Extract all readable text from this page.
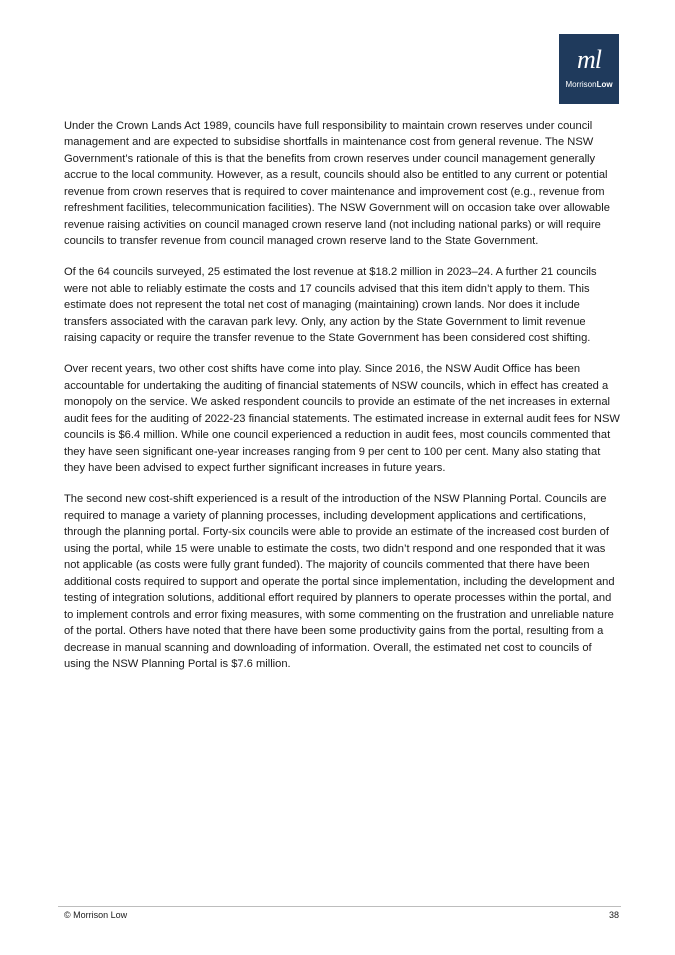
ml
MorrisonLow

Under the Crown Lands Act 1989, councils have full responsibility to maintain crown reserves under council management and are expected to subsidise shortfalls in maintenance cost from general revenue. The NSW Government’s rationale of this is that the benefits from crown reserves under council management generally accrue to the local community. However, as a result, councils should also be entitled to any current or potential revenue from crown reserves that is required to cover maintenance and improvement cost (e.g., revenue from refreshment facilities, telecommunication facilities). The NSW Government will on occasion take over allowable revenue raising activities on council managed crown reserve land (not including national parks) or will require councils to transfer revenue from council managed crown reserve land to the State Government.

Of the 64 councils surveyed, 25 estimated the lost revenue at $18.2 million in 2023–24. A further 21 councils were not able to reliably estimate the costs and 17 councils advised that this item didn’t apply to them. This estimate does not represent the total net cost of managing (maintaining) crown lands. Nor does it include transfers associated with the caravan park levy. Only, any action by the State Government to limit revenue raising capacity or require the transfer revenue to the State Government has been considered cost shifting.

Over recent years, two other cost shifts have come into play. Since 2016, the NSW Audit Office has been accountable for undertaking the auditing of financial statements of NSW councils, which in effect has created a monopoly on the service. We asked respondent councils to provide an estimate of the net increases in external audit fees for the auditing of 2022-23 financial statements. The estimated increase in external audit fees for NSW councils is $6.4 million. While one council experienced a reduction in audit fees, most councils commented that they have seen significant one-year increases ranging from 9 per cent to 100 per cent. Many also stating that they have been advised to expect further significant increases in future years.

The second new cost-shift experienced is a result of the introduction of the NSW Planning Portal. Councils are required to manage a variety of planning processes, including development applications and certifications, through the planning portal. Forty-six councils were able to provide an estimate of the increased cost burden of using the portal, while 15 were unable to estimate the costs, two didn’t respond and one responded that it was not applicable (as costs were fully grant funded). The majority of councils commented that there have been additional costs required to support and operate the portal since implementation, including the development and testing of integration solutions, additional effort required by planners to operate processes within the portal, and to implement controls and error fixing measures, with some commenting on the frustration and unreliable nature of the portal. Others have noted that there have been some productivity gains from the portal, resulting from a decrease in manual scanning and downloading of information. Overall, the estimated net cost to councils of using the NSW Planning Portal is $7.6 million.

© Morrison Low	38
